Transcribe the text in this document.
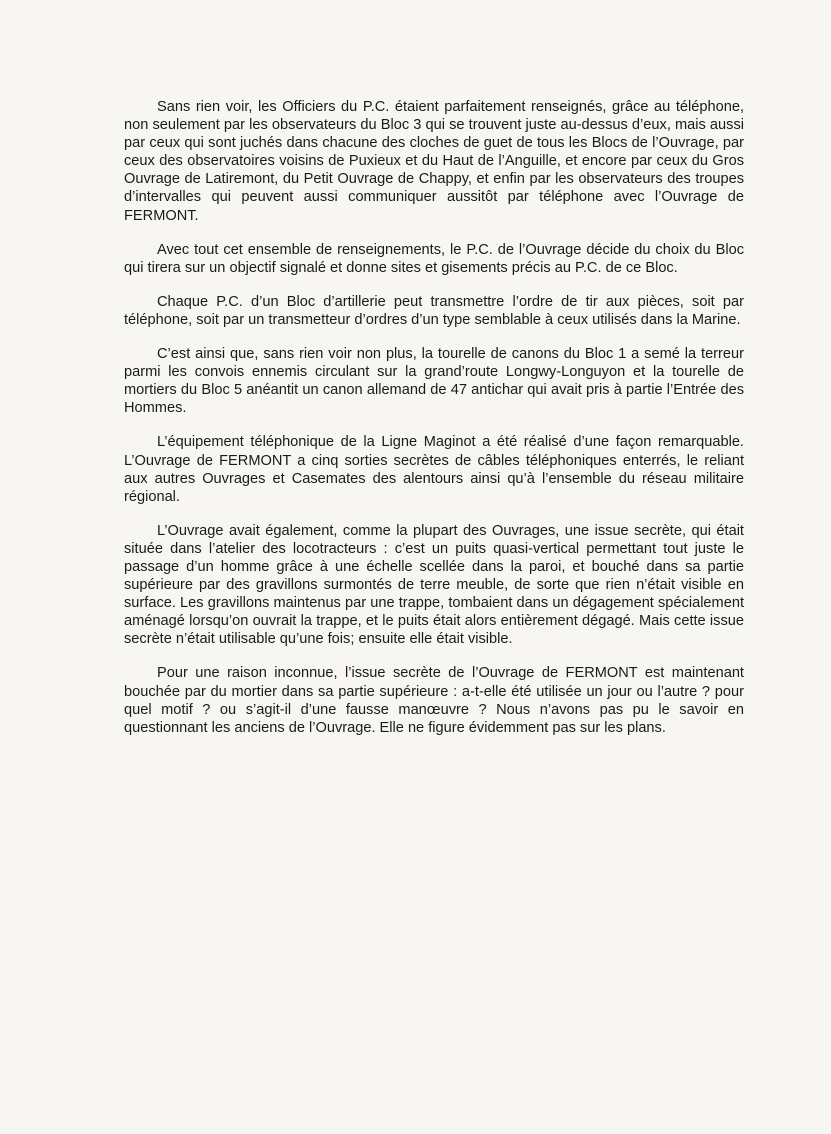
Sans rien voir, les Officiers du P.C. étaient parfaitement renseignés, grâce au téléphone, non seulement par les observateurs du Bloc 3 qui se trouvent juste au-dessus d’eux, mais aussi par ceux qui sont juchés dans chacune des cloches de guet de tous les Blocs de l’Ouvrage, par ceux des observatoires voisins de Puxieux et du Haut de l’Anguille, et encore par ceux du Gros Ouvrage de Latiremont, du Petit Ouvrage de Chappy, et enfin par les observateurs des troupes d’intervalles qui peuvent aussi communiquer aussitôt par téléphone avec l’Ouvrage de FERMONT.

Avec tout cet ensemble de renseignements, le P.C. de l’Ouvrage décide du choix du Bloc qui tirera sur un objectif signalé et donne sites et gisements précis au P.C. de ce Bloc.

Chaque P.C. d’un Bloc d’artillerie peut transmettre l’ordre de tir aux pièces, soit par téléphone, soit par un transmetteur d’ordres d’un type semblable à ceux utilisés dans la Marine.

C’est ainsi que, sans rien voir non plus, la tourelle de canons du Bloc 1 a semé la terreur parmi les convois ennemis circulant sur la grand’route Longwy-Longuyon et la tourelle de mortiers du Bloc 5 anéantit un canon allemand de 47 antichar qui avait pris à partie l’Entrée des Hommes.

L’équipement téléphonique de la Ligne Maginot a été réalisé d’une façon remarquable. L’Ouvrage de FERMONT a cinq sorties secrètes de câbles téléphoniques enterrés, le reliant aux autres Ouvrages et Casemates des alentours ainsi qu’à l’ensemble du réseau militaire régional.

L’Ouvrage avait également, comme la plupart des Ouvrages, une issue secrète, qui était située dans l’atelier des locotracteurs : c’est un puits quasi-vertical permettant tout juste le passage d’un homme grâce à une échelle scellée dans la paroi, et bouché dans sa partie supérieure par des gravillons surmontés de terre meuble, de sorte que rien n’était visible en surface. Les gravillons maintenus par une trappe, tombaient dans un dégagement spécialement aménagé lorsqu’on ouvrait la trappe, et le puits était alors entièrement dégagé. Mais cette issue secrète n’était utilisable qu’une fois; ensuite elle était visible.

Pour une raison inconnue, l’issue secrète de l’Ouvrage de FERMONT est maintenant bouchée par du mortier dans sa partie supérieure : a-t-elle été utilisée un jour ou l’autre ? pour quel motif ? ou s’agit-il d’une fausse manœuvre ? Nous n’avons pas pu le savoir en questionnant les anciens de l’Ouvrage. Elle ne figure évidemment pas sur les plans.
